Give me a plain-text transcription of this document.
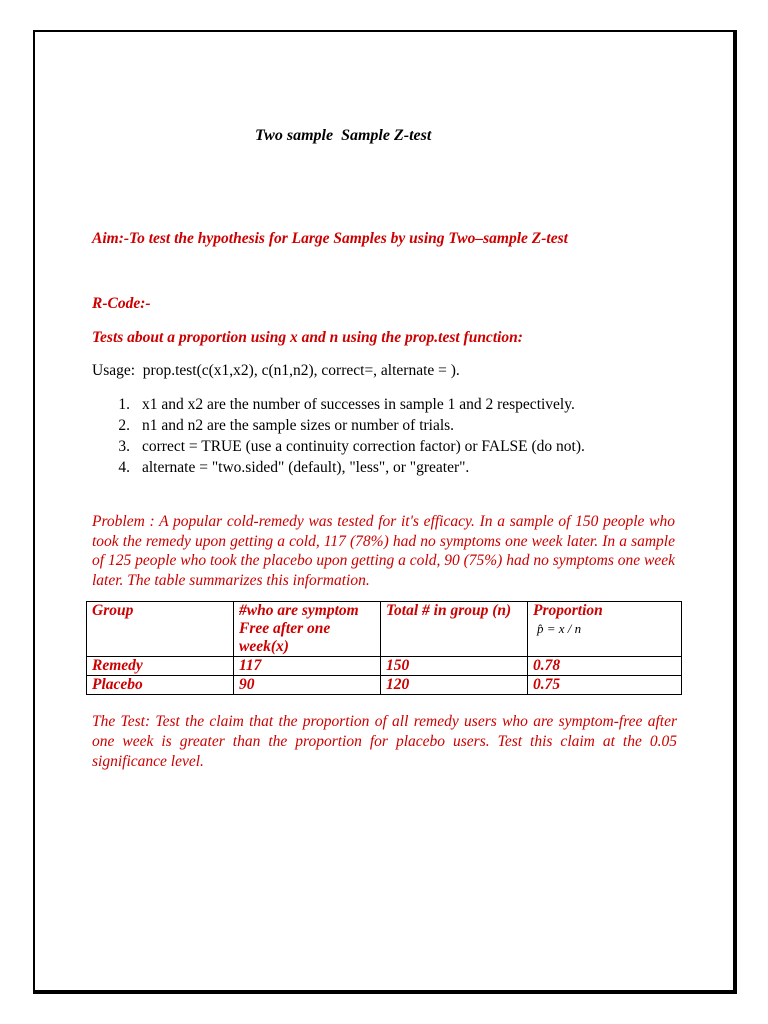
Two sample  Sample Z-test
Aim:-To test the hypothesis for Large Samples by using Two–sample Z-test
R-Code:-
Tests about a proportion using x and n using the prop.test function:
Usage:  prop.test(c(x1,x2), c(n1,n2), correct=, alternate = ).
1. x1 and x2 are the number of successes in sample 1 and 2 respectively.
2. n1 and n2 are the sample sizes or number of trials.
3. correct = TRUE (use a continuity correction factor) or FALSE (do not).
4. alternate = "two.sided" (default), "less", or "greater".

Problem : A popular cold-remedy was tested for it's efficacy. In a sample of 150 people who took the remedy upon getting a cold, 117 (78%) had no symptoms one week later. In a sample of 125 people who took the placebo upon getting a cold, 90 (75%) had no symptoms one week later. The table summarizes this information.

Group	#who are symptom Free after one week(x)	Total # in group (n)	Proportion
p̂ = x / n

Remedy	117	150	0.78
Placebo	90	120	0.75

The Test: Test the claim that the proportion of all remedy users who are symptom-free after one week is greater than the proportion for placebo users. Test this claim at the 0.05 significance level.
